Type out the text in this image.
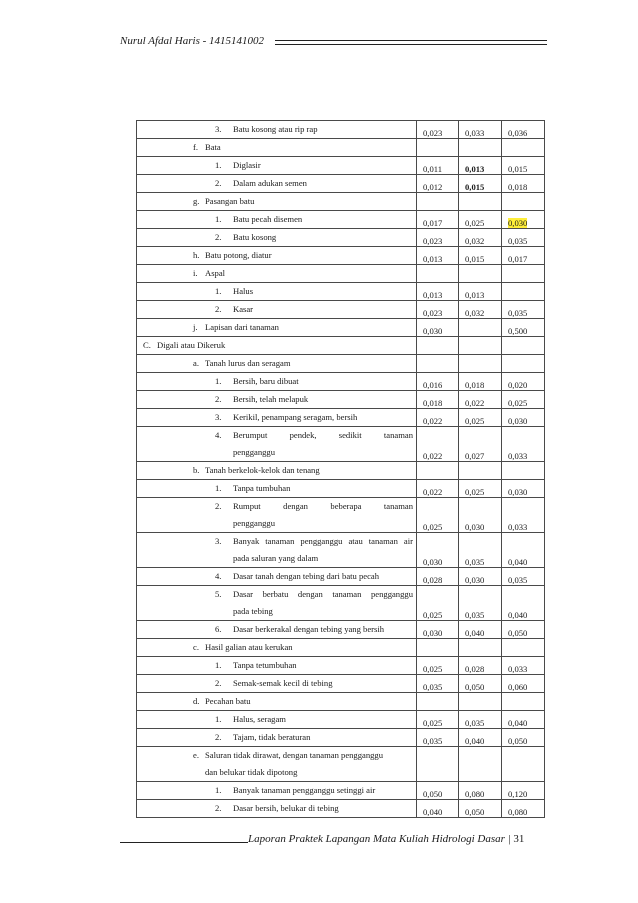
Nurul Afdal Haris - 1415141002
3. Batu kosong atau rip rap	0,023	0,033	0,036

f. Bata			

1. Diglasir	0,011	0,013	0,015

2. Dalam adukan semen	0,012	0,015	0,018

g. Pasangan batu			

1. Batu pecah disemen	0,017	0,025	0,030

2. Batu kosong	0,023	0,032	0,035

h. Batu potong, diatur	0,013	0,015	0,017

i. Aspal			

1. Halus	0,013	0,013	

2. Kasar	0,023	0,032	0,035

j. Lapisan dari tanaman	0,030		0,500

C. Digali atau Dikeruk			

a. Tanah lurus dan seragam			

1. Bersih, baru dibuat	0,016	0,018	0,020

2. Bersih, telah melapuk	0,018	0,022	0,025

3. Kerikil, penampang seragam, bersih	0,022	0,025	0,030

4. Berumput pendek, sedikit tanaman
pengganggu	0,022	0,027	0,033

b. Tanah berkelok-kelok dan tenang			

1. Tanpa tumbuhan	0,022	0,025	0,030

2. Rumput dengan beberapa tanaman
pengganggu	0,025	0,030	0,033

3. Banyak tanaman pengganggu atau tanaman air
pada saluran yang dalam	0,030	0,035	0,040

4. Dasar tanah dengan tebing dari batu pecah	0,028	0,030	0,035

5. Dasar berbatu dengan tanaman pengganggu
pada tebing	0,025	0,035	0,040

6. Dasar berkerakal dengan tebing yang bersih	0,030	0,040	0,050

c. Hasil galian atau kerukan			

1. Tanpa tetumbuhan	0,025	0,028	0,033

2. Semak-semak kecil di tebing	0,035	0,050	0,060

d. Pecahan batu			

1. Halus, seragam	0,025	0,035	0,040

2. Tajam, tidak beraturan	0,035	0,040	0,050

e. Saluran tidak dirawat, dengan tanaman pengganggu
dan belukar tidak dipotong			

1. Banyak tanaman pengganggu setinggi air	0,050	0,080	0,120

2. Dasar bersih, belukar di tebing	0,040	0,050	0,080
Laporan Praktek Lapangan Mata Kuliah Hidrologi Dasar | 31
